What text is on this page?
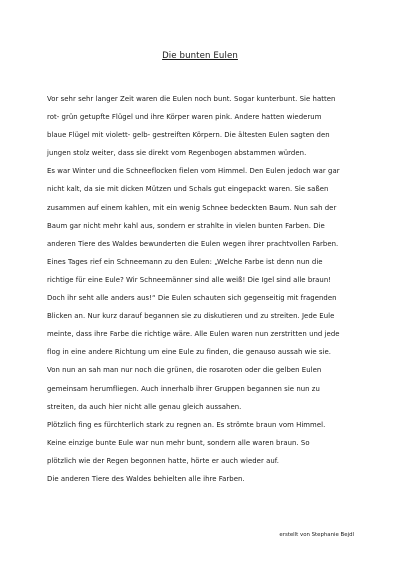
Die bunten Eulen
Vor sehr sehr langer Zeit waren die Eulen noch bunt. Sogar kunterbunt. Sie hatten
rot- grün getupfte Flügel und ihre Körper waren pink. Andere hatten wiederum
blaue Flügel mit violett- gelb- gestreiften Körpern. Die ältesten Eulen sagten den
jungen stolz weiter, dass sie direkt vom Regenbogen abstammen würden.
Es war Winter und die Schneeflocken fielen vom Himmel. Den Eulen jedoch war gar
nicht kalt, da sie mit dicken Mützen und Schals gut eingepackt waren. Sie saßen
zusammen auf einem kahlen, mit ein wenig Schnee bedeckten Baum. Nun sah der
Baum gar nicht mehr kahl aus, sondern er strahlte in vielen bunten Farben. Die
anderen Tiere des Waldes bewunderten die Eulen wegen ihrer prachtvollen Farben.
Eines Tages rief ein Schneemann zu den Eulen: „Welche Farbe ist denn nun die
richtige für eine Eule? Wir Schneemänner sind alle weiß! Die Igel sind alle braun!
Doch ihr seht alle anders aus!“ Die Eulen schauten sich gegenseitig mit fragenden
Blicken an. Nur kurz darauf begannen sie zu diskutieren und zu streiten. Jede Eule
meinte, dass ihre Farbe die richtige wäre. Alle Eulen waren nun zerstritten und jede
flog in eine andere Richtung um eine Eule zu finden, die genauso aussah wie sie.
Von nun an sah man nur noch die grünen, die rosaroten oder die gelben Eulen
gemeinsam herumfliegen. Auch innerhalb ihrer Gruppen begannen sie nun zu
streiten, da auch hier nicht alle genau gleich aussahen.
Plötzlich fing es fürchterlich stark zu regnen an. Es strömte braun vom Himmel.
Keine einzige bunte Eule war nun mehr bunt, sondern alle waren braun. So
plötzlich wie der Regen begonnen hatte, hörte er auch wieder auf.
Die anderen Tiere des Waldes behielten alle ihre Farben.
erstellt von Stephanie Bejdl
